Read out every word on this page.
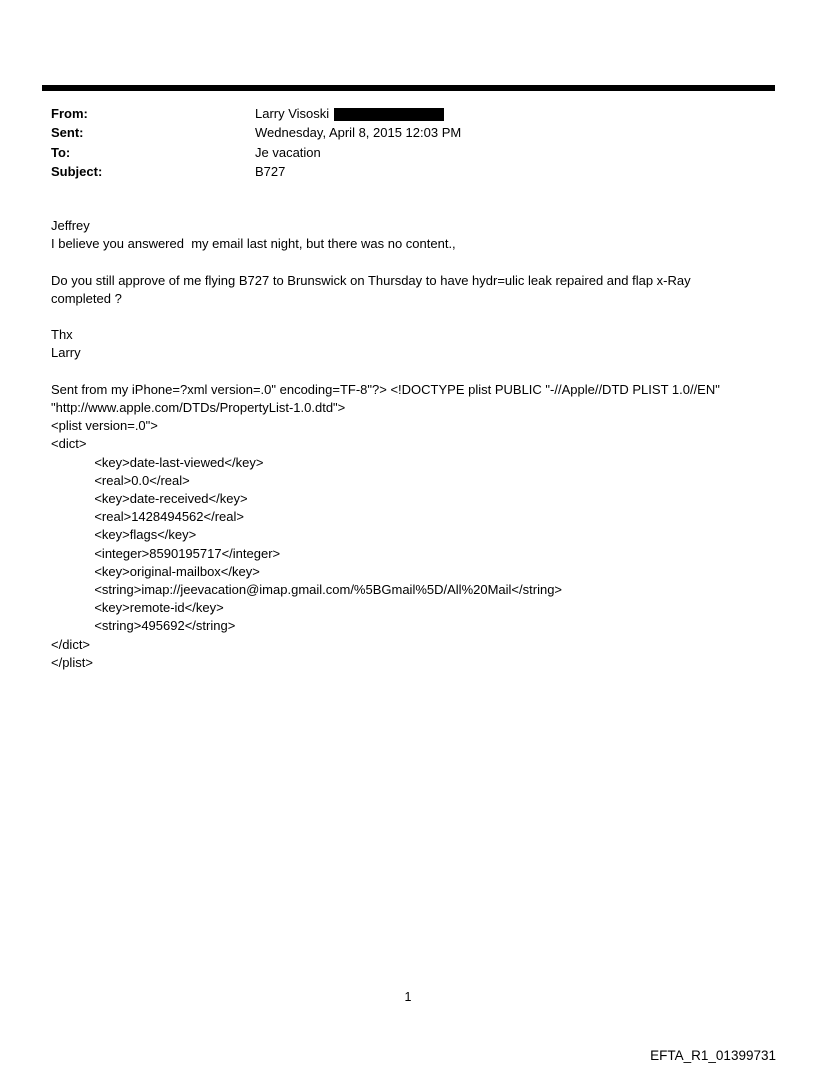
From:	Larry Visoski
Sent:	Wednesday, April 8, 2015 12:03 PM
To:	Je vacation
Subject:	B727
Jeffrey
I believe you answered  my email last night, but there was no content.,
Do you still approve of me flying B727 to Brunswick on Thursday to have hydr=ulic leak repaired and flap x-Ray completed ?
Thx
Larry
Sent from my iPhone=?xml version=.0" encoding=TF-8"?> <!DOCTYPE plist PUBLIC "-//Apple//DTD PLIST 1.0//EN" "http://www.apple.com/DTDs/PropertyList-1.0.dtd">
<plist version=.0">
<dict>
<key>date-last-viewed</key>
<real>0.0</real>
<key>date-received</key>
<real>1428494562</real>
<key>flags</key>
<integer>8590195717</integer>
<key>original-mailbox</key>
<string>imap://jeevacation@imap.gmail.com/%5BGmail%5D/All%20Mail</string>
<key>remote-id</key>
<string>495692</string>
</dict>
</plist>
1
EFTA_R1_01399731
